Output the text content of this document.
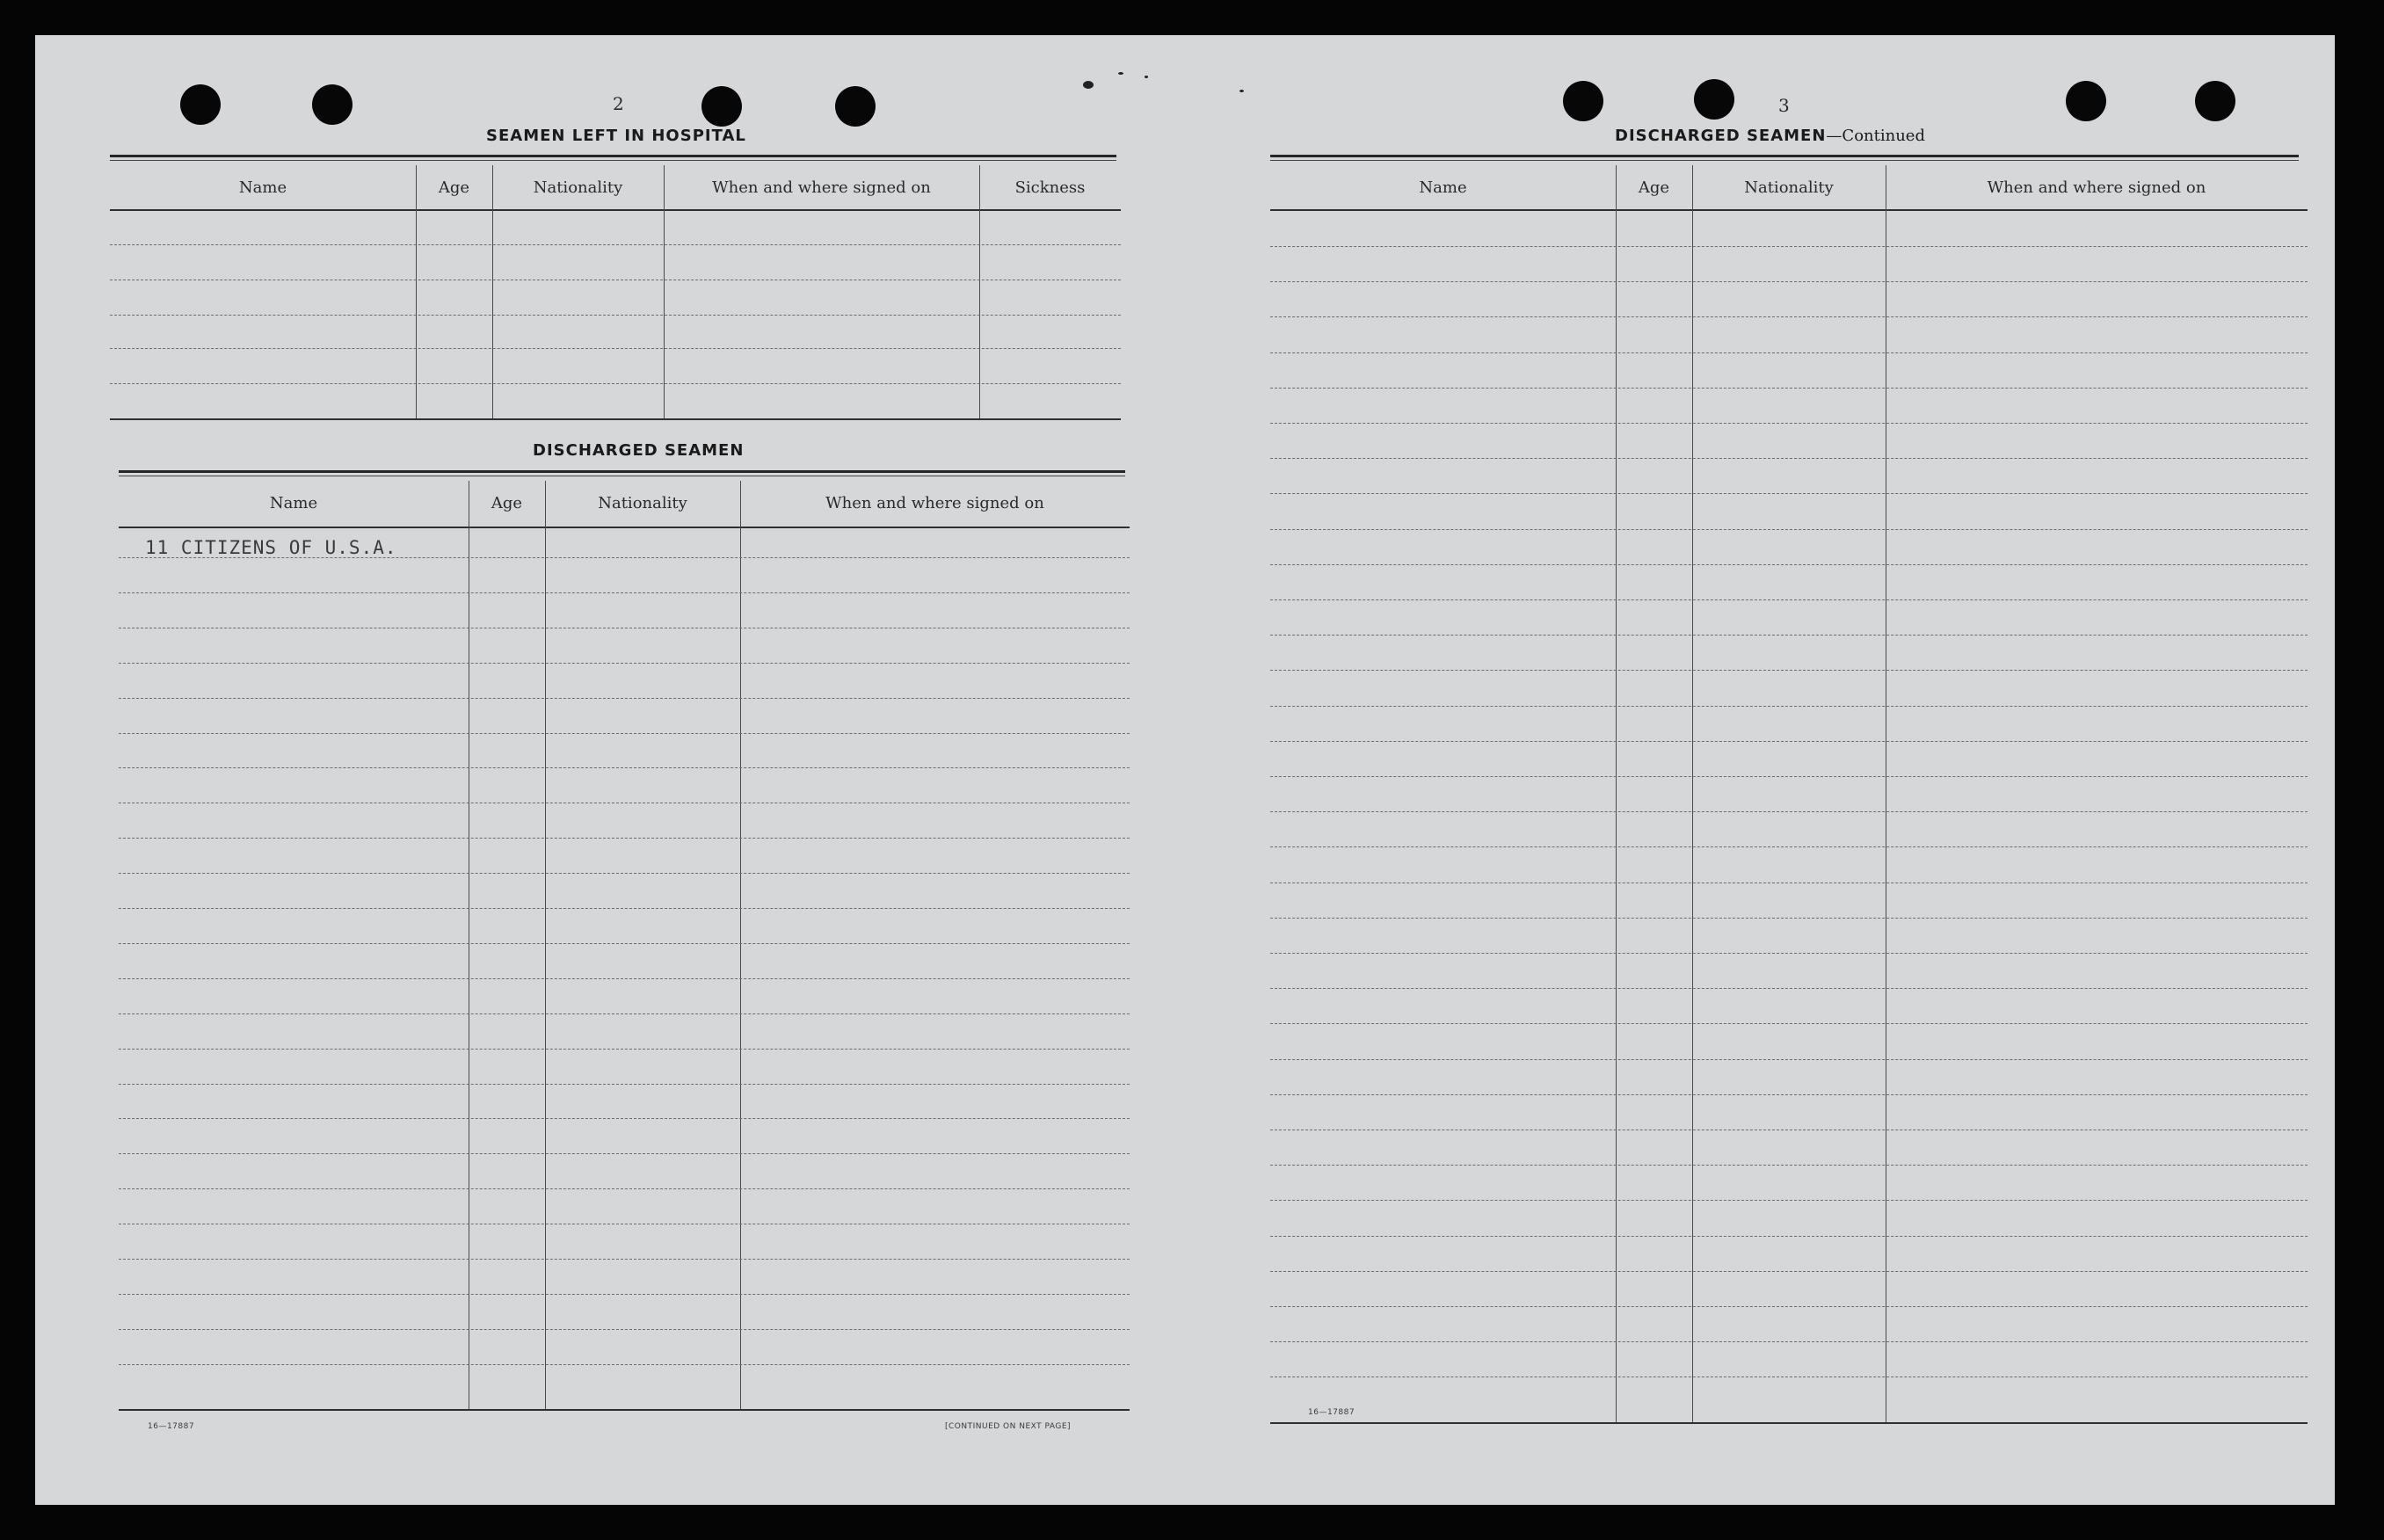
2
SEAMEN LEFT IN HOSPITAL
Name	Age	Nationality	When and where signed on	Sickness
DISCHARGED SEAMEN
Name	Age	Nationality	When and where signed on
11 CITIZENS OF U.S.A.
16—17887	[CONTINUED ON NEXT PAGE]
3
DISCHARGED SEAMEN—Continued
Name	Age	Nationality	When and where signed on
16—17887
